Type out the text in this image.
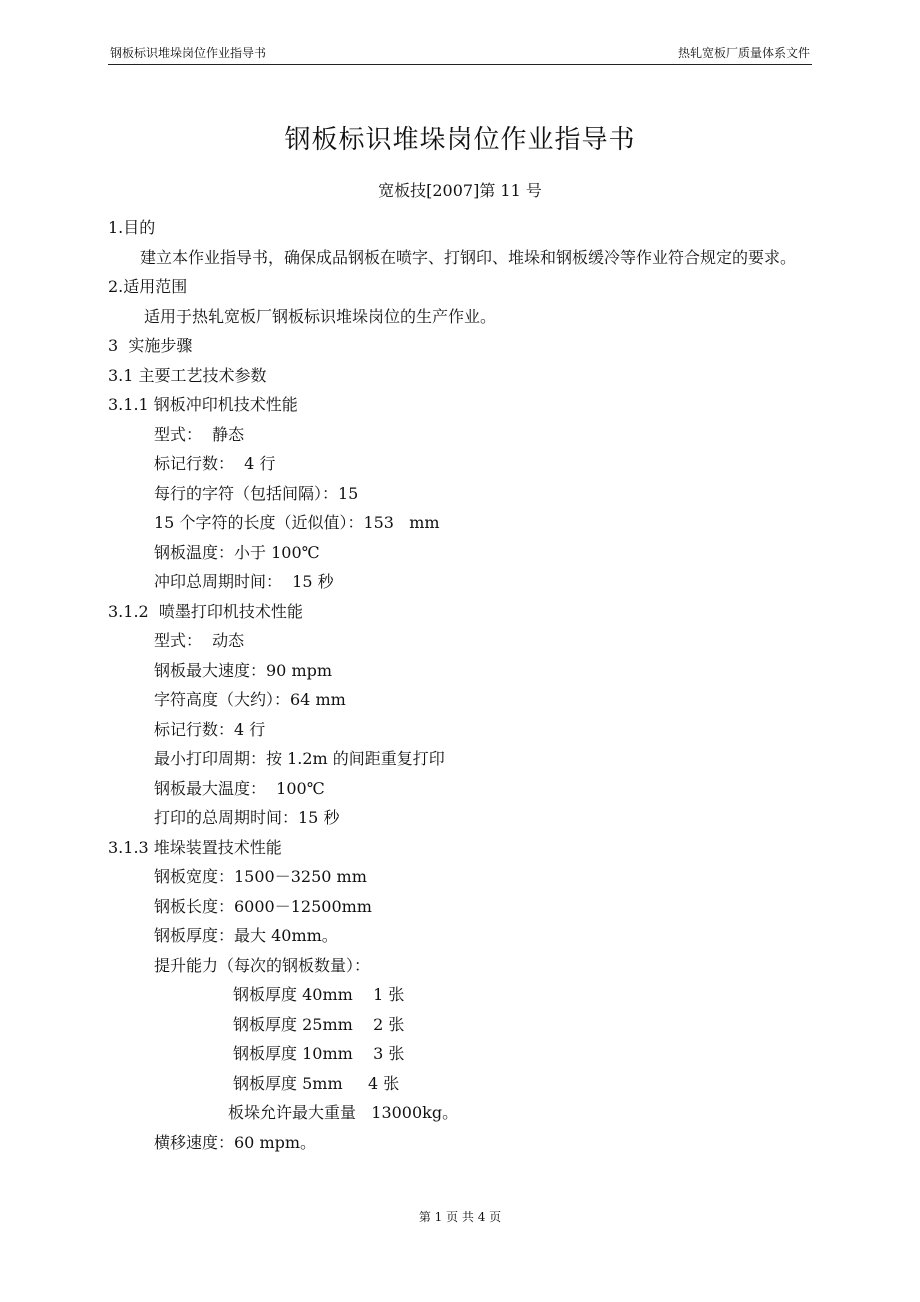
钢板标识堆垛岗位作业指导书	热轧宽板厂质量体系文件
钢板标识堆垛岗位作业指导书
宽板技[2007]第 11 号
1.目的
建立本作业指导书，确保成品钢板在喷字、打钢印、堆垛和钢板缓冷等作业符合规定的要求。
2.适用范围
适用于热轧宽板厂钢板标识堆垛岗位的生产作业。
3  实施步骤
3.1 主要工艺技术参数
3.1.1 钢板冲印机技术性能
型式：  静态
标记行数：  4 行
每行的字符（包括间隔）：15
15 个字符的长度（近似值）：153   mm
钢板温度：小于 100℃
冲印总周期时间：  15 秒
3.1.2  喷墨打印机技术性能
型式：  动态
钢板最大速度：90 mpm
字符高度（大约）：64 mm
标记行数：4 行
最小打印周期：按 1.2m 的间距重复打印
钢板最大温度：  100℃
打印的总周期时间：15 秒
3.1.3 堆垛装置技术性能
钢板宽度：1500－3250 mm
钢板长度：6000－12500mm
钢板厚度：最大 40mm。
提升能力（每次的钢板数量）：
钢板厚度 40mm    1 张
钢板厚度 25mm    2 张
钢板厚度 10mm    3 张
钢板厚度 5mm     4 张
板垛允许最大重量   13000kg。
横移速度：60 mpm。
第 1 页 共 4 页
